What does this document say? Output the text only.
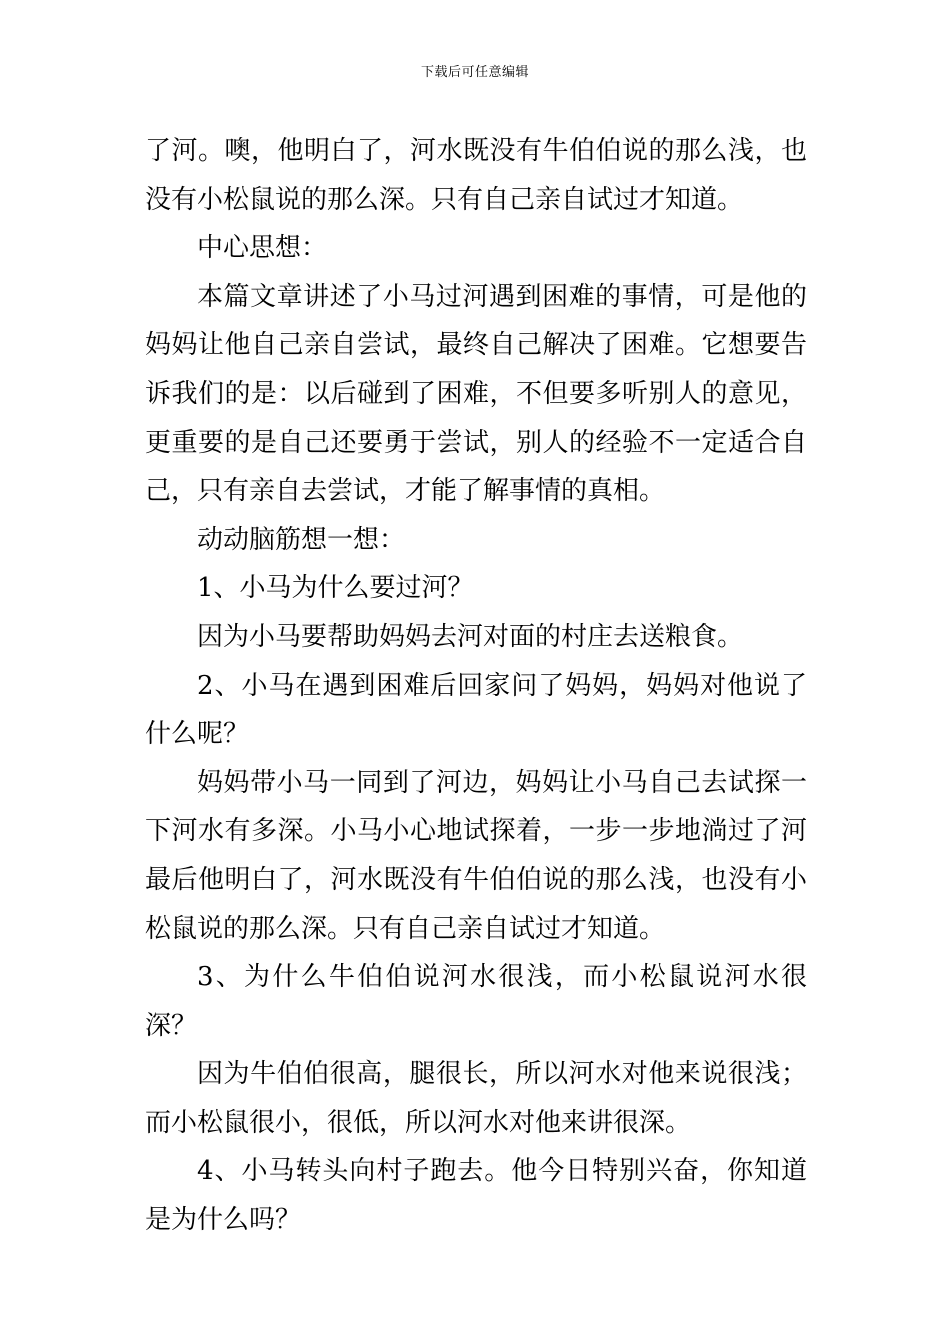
下载后可任意编辑

了河。噢，他明白了，河水既没有牛伯伯说的那么浅，也没有小松鼠说的那么深。只有自己亲自试过才知道。

中心思想：

本篇文章讲述了小马过河遇到困难的事情，可是他的妈妈让他自己亲自尝试，最终自己解决了困难。它想要告诉我们的是：以后碰到了困难，不但要多听别人的意见，更重要的是自己还要勇于尝试，别人的经验不一定适合自己，只有亲自去尝试，才能了解事情的真相。

动动脑筋想一想：

1、小马为什么要过河？

因为小马要帮助妈妈去河对面的村庄去送粮食。

2、小马在遇到困难后回家问了妈妈，妈妈对他说了什么呢？

妈妈带小马一同到了河边，妈妈让小马自己去试探一下河水有多深。小马小心地试探着，一步一步地淌过了河最后他明白了，河水既没有牛伯伯说的那么浅，也没有小松鼠说的那么深。只有自己亲自试过才知道。

3、为什么牛伯伯说河水很浅，而小松鼠说河水很深？

因为牛伯伯很高，腿很长，所以河水对他来说很浅；而小松鼠很小，很低，所以河水对他来讲很深。

4、小马转头向村子跑去。他今日特别兴奋，你知道是为什么吗？
